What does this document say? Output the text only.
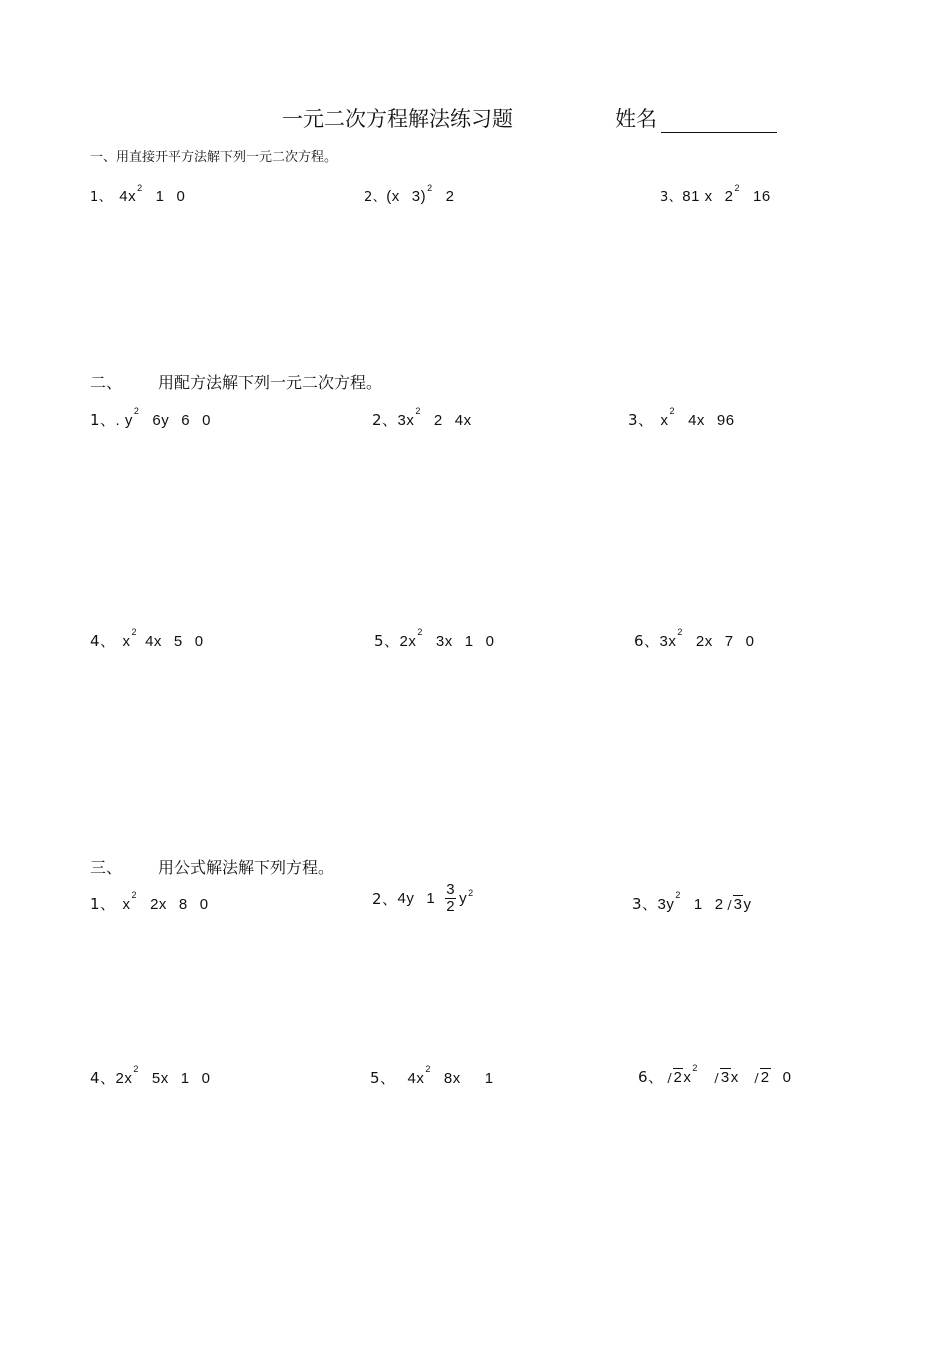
一元二次方程解法练习题	姓名
一、用直接开平方法解下列一元二次方程。
1、 $4x^2$ 1 0	2、(x 3)$^2$ 2	3、81 x $2^2$ 16
二、 用配方法解下列一元二次方程。
1、. $y^26y$ 6 0	2、$3x^22$ 4x	3、 $x^24x$ 96
4、 $x^24x$ 5 0	5、$2x^23x$ 1 0	6、$3x^22x$ 7 0
三、 用公式解法解下列方程。
1、 $x^22x$ 8 0	2、4y $1 \frac{3}{2} y^2$
3、$3y^21$ 2 3y
4、$2x^25x$ 1 0	5、 $4x^28x$ 1	6、 $2x^23x$ 2 0
